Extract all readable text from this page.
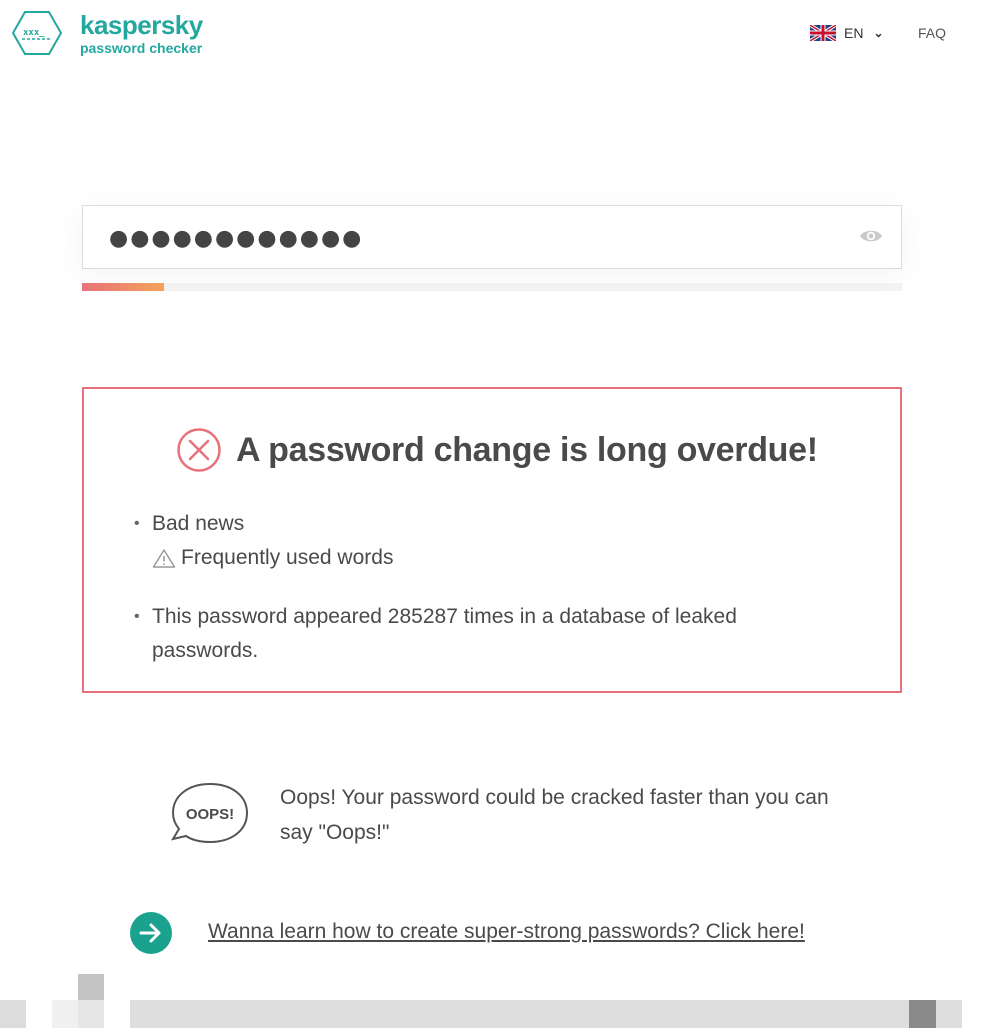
xxx_ kaspersky
password checker
EN ⌄ FAQ
●●●●●●●●●●●●
A password change is long overdue!
• Bad news
Frequently used words
• This password appeared 285287 times in a database of leaked passwords.
OOPS!
Oops! Your password could be cracked faster than you can say "Oops!"
Wanna learn how to create super-strong passwords? Click here!
